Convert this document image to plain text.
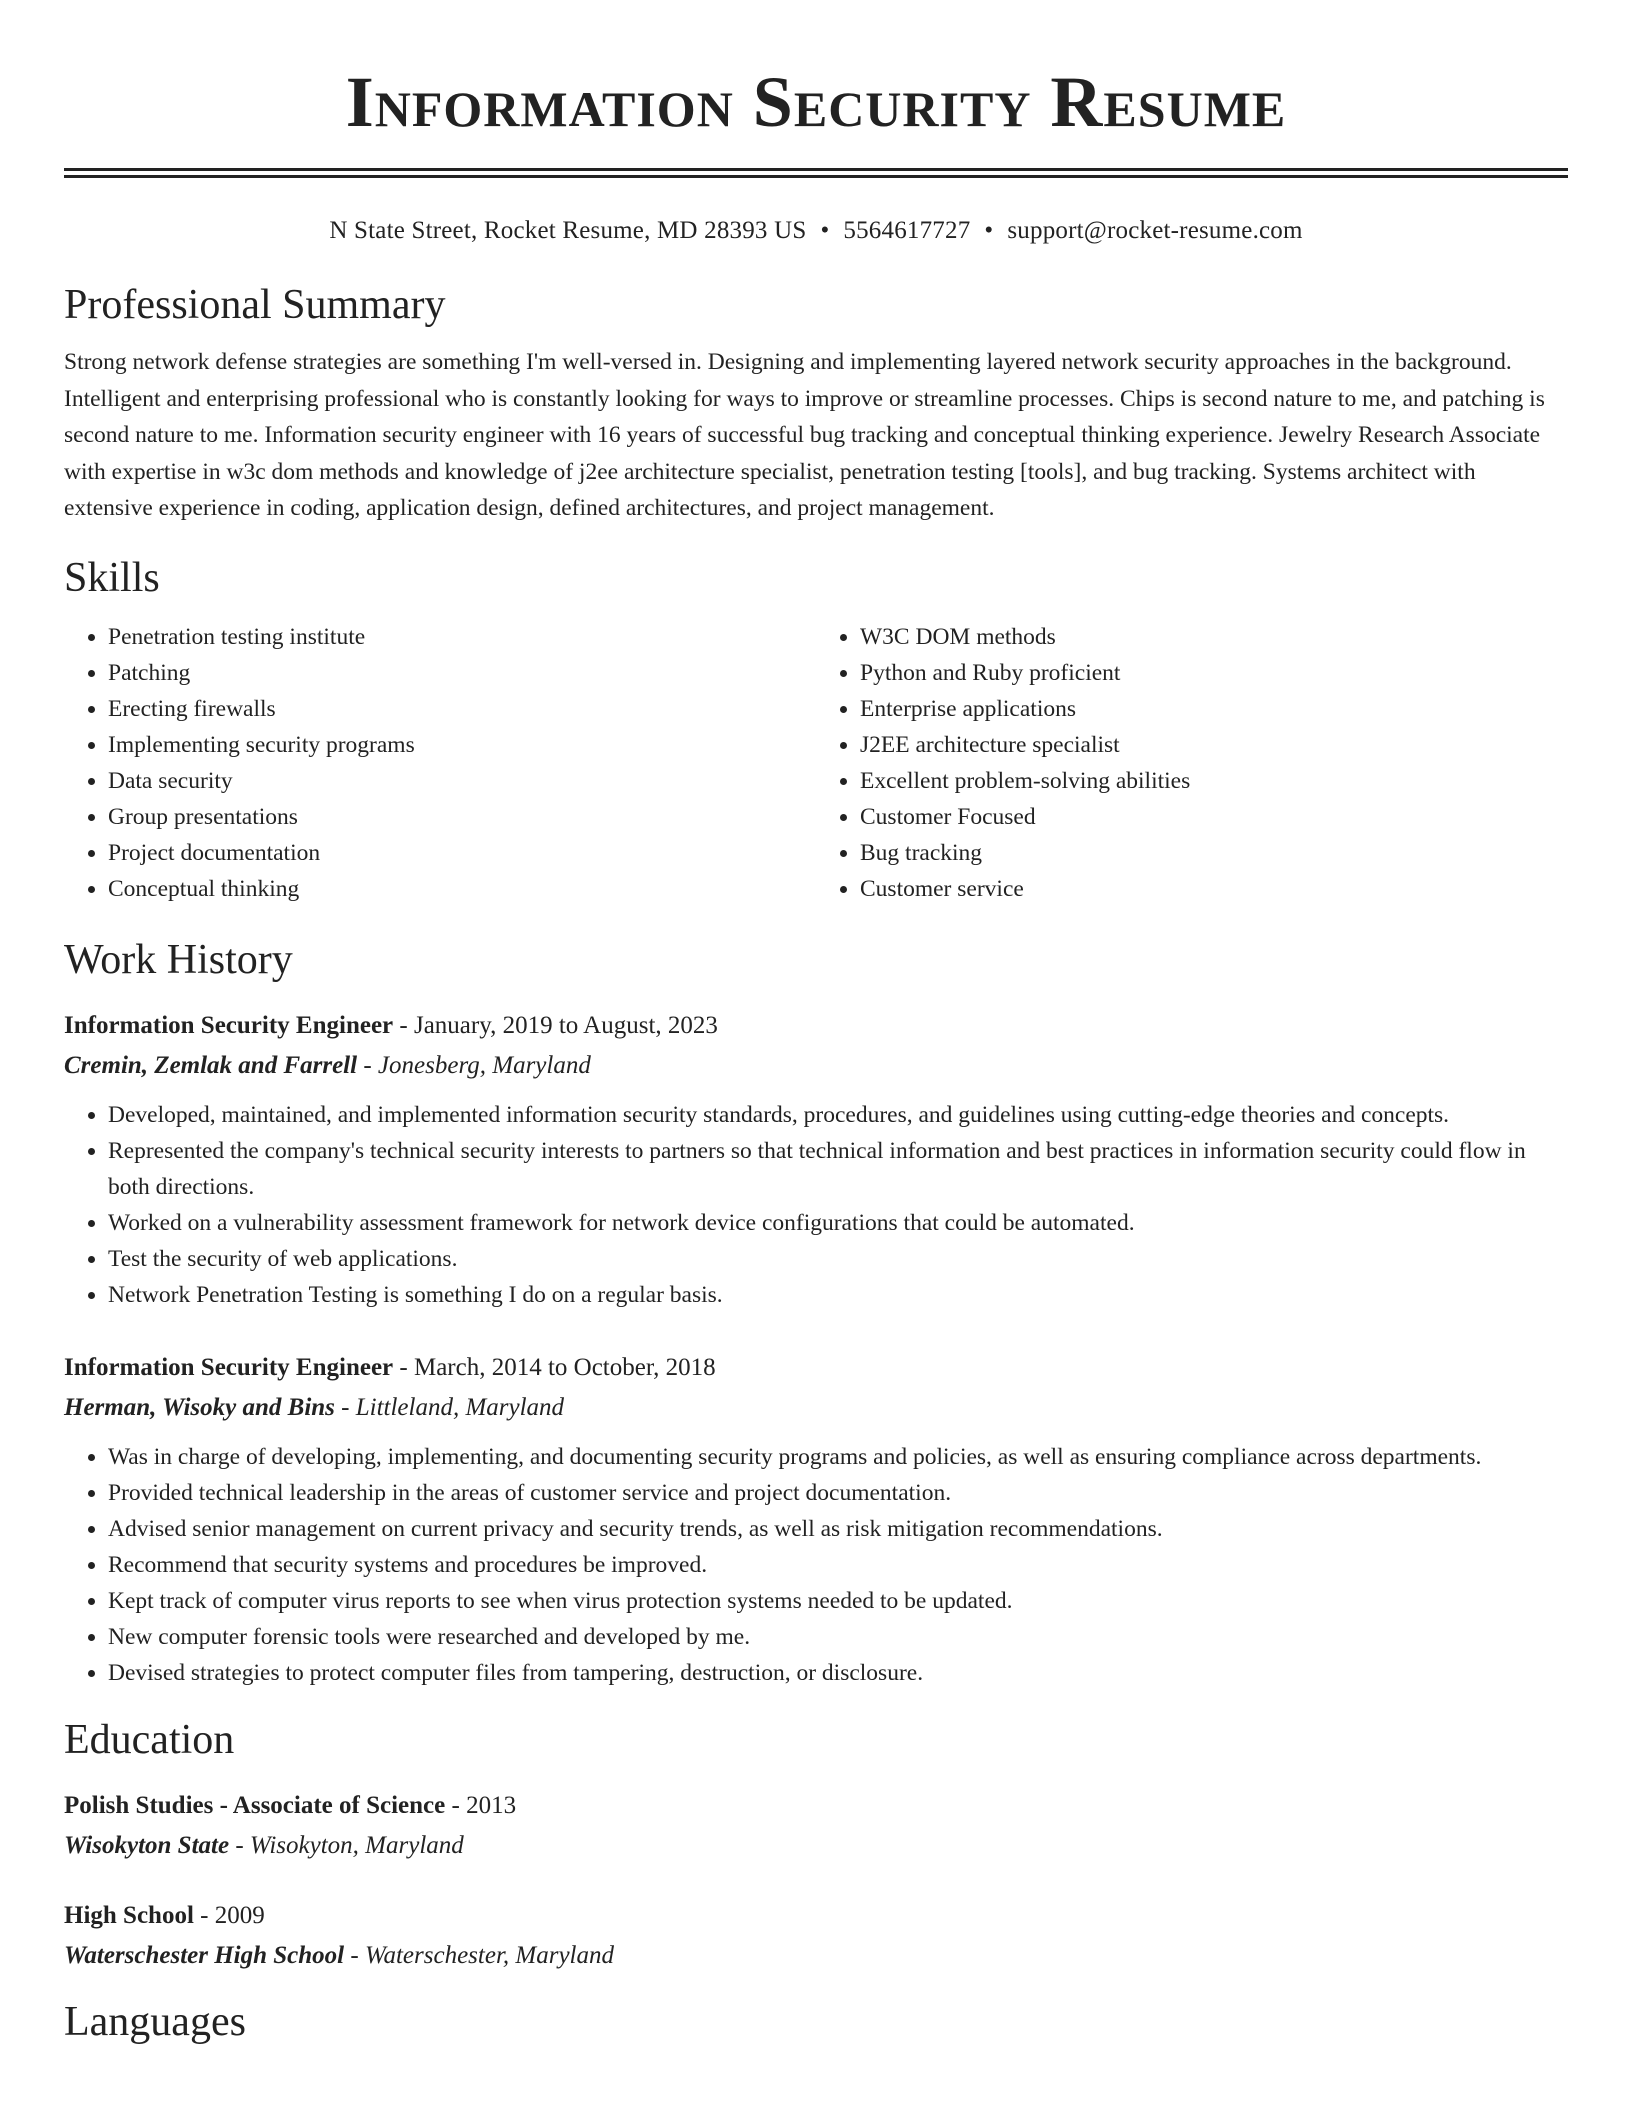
Information Security Resume
N State Street, Rocket Resume, MD 28393 US • 5564617727 • support@rocket-resume.com
Professional Summary

Strong network defense strategies are something I'm well-versed in. Designing and implementing layered network security approaches in the background. Intelligent and enterprising professional who is constantly looking for ways to improve or streamline processes. Chips is second nature to me, and patching is second nature to me. Information security engineer with 16 years of successful bug tracking and conceptual thinking experience. Jewelry Research Associate with expertise in w3c dom methods and knowledge of j2ee architecture specialist, penetration testing [tools], and bug tracking. Systems architect with extensive experience in coding, application design, defined architectures, and project management.

Skills
• Penetration testing institute
• Patching
• Erecting firewalls
• Implementing security programs
• Data security
• Group presentations
• Project documentation
• Conceptual thinking
• W3C DOM methods
• Python and Ruby proficient
• Enterprise applications
• J2EE architecture specialist
• Excellent problem-solving abilities
• Customer Focused
• Bug tracking
• Customer service
Work History
Information Security Engineer - January, 2019 to August, 2023
Cremin, Zemlak and Farrell - Jonesberg, Maryland
• Developed, maintained, and implemented information security standards, procedures, and guidelines using cutting-edge theories and concepts.
• Represented the company's technical security interests to partners so that technical information and best practices in information security could flow in both directions.
• Worked on a vulnerability assessment framework for network device configurations that could be automated.
• Test the security of web applications.
• Network Penetration Testing is something I do on a regular basis.
Information Security Engineer - March, 2014 to October, 2018
Herman, Wisoky and Bins - Littleland, Maryland
• Was in charge of developing, implementing, and documenting security programs and policies, as well as ensuring compliance across departments.
• Provided technical leadership in the areas of customer service and project documentation.
• Advised senior management on current privacy and security trends, as well as risk mitigation recommendations.
• Recommend that security systems and procedures be improved.
• Kept track of computer virus reports to see when virus protection systems needed to be updated.
• New computer forensic tools were researched and developed by me.
• Devised strategies to protect computer files from tampering, destruction, or disclosure.
Education
Polish Studies - Associate of Science - 2013
Wisokyton State - Wisokyton, Maryland
High School - 2009
Waterschester High School - Waterschester, Maryland
Languages
